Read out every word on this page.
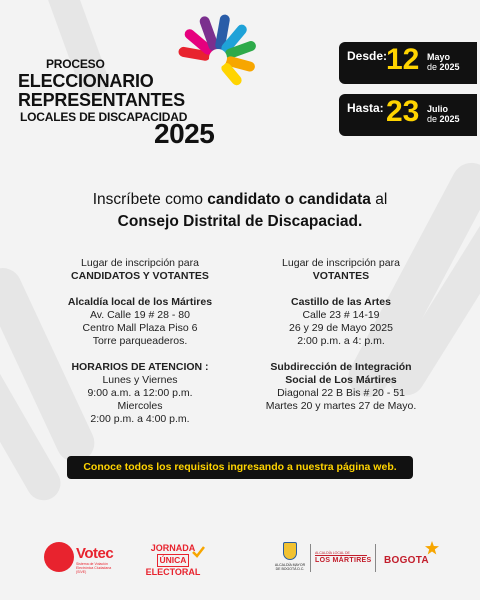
PROCESO
ELECCIONARIO
REPRESENTANTES
LOCALES DE DISCAPACIDAD
2025
Desde:
12 Mayo
de 2025
Hasta: 23 Julio
de 2025
Inscríbete como candidato o candidata al
Consejo Distrital de Discapaciad.
Lugar de inscripción para
CANDIDATOS Y VOTANTES
Alcaldía local de los Mártires
Av. Calle 19 # 28 - 80
Centro Mall Plaza Piso 6
Torre parqueaderos.
HORARIOS DE ATENCION :
Lunes y Viernes
9:00 a.m. a 12:00 p.m.
Miercoles
2:00 p.m. a 4:00 p.m.
Lugar de inscripción para
VOTANTES
Castillo de las Artes
Calle 23 # 14-19
26 y 29 de Mayo 2025
2:00 p.m. a 4: p.m.
Subdirección de Integración
Social de Los Mártires
Diagonal 22 B Bis # 20 - 51
Martes 20 y martes 27 de Mayo.
Conoce todos los requisitos ingresando a nuestra página web.
Votec
Sistema de Votación Electrónica Ciudadana (SIVE)
JORNADA
ÚNICA
ELECTORAL
ALCALDÍA MAYOR DE BOGOTÁ D.C.
ALCALDÍA LOCAL DE
LOS MÁRTIRES BOGOTA
